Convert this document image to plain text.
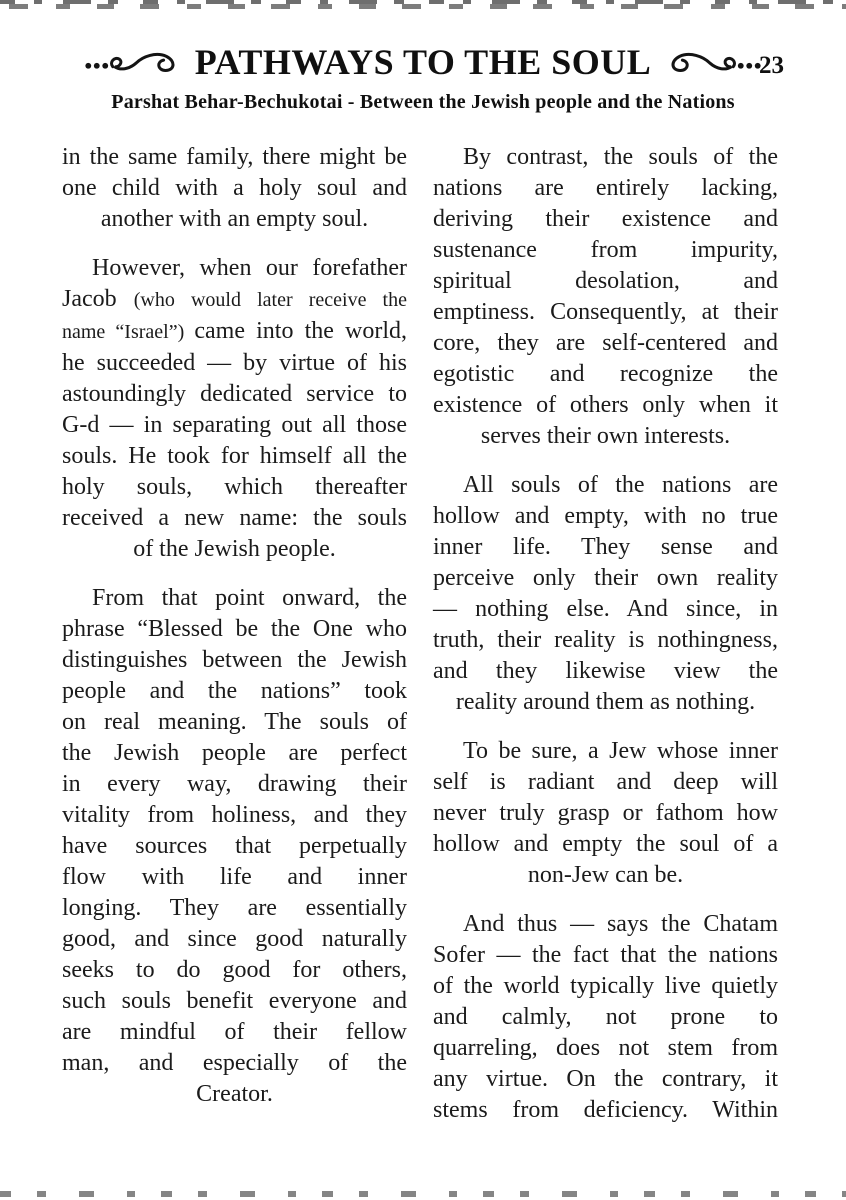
PATHWAYS TO THE SOUL	23
Parshat Behar-Bechukotai - Between the Jewish people and the Nations
in the same family, there might be
one child with a holy soul and
another with an empty soul.
However, when our forefather
Jacob (who would later receive the
name “Israel”) came into the world,
he succeeded — by virtue of his
astoundingly dedicated service to
G-d — in separating out all those
souls. He took for himself all the
holy souls, which thereafter
received a new name: the souls
of the Jewish people.
From that point onward, the
phrase “Blessed be the One who
distinguishes between the Jewish
people and the nations” took
on real meaning. The souls of
the Jewish people are perfect
in every way, drawing their
vitality from holiness, and they
have sources that perpetually
flow with life and inner
longing. They are essentially
good, and since good naturally
seeks to do good for others,
such souls benefit everyone and
are mindful of their fellow
man, and especially of the
Creator.
By contrast, the souls of the
nations are entirely lacking,
deriving their existence and
sustenance from impurity,
spiritual desolation, and
emptiness. Consequently, at their
core, they are self-centered and
egotistic and recognize the
existence of others only when it
serves their own interests.
All souls of the nations are
hollow and empty, with no true
inner life. They sense and
perceive only their own reality
— nothing else. And since, in
truth, their reality is nothingness,
and they likewise view the
reality around them as nothing.
To be sure, a Jew whose inner
self is radiant and deep will
never truly grasp or fathom how
hollow and empty the soul of a
non-Jew can be.
And thus — says the Chatam
Sofer — the fact that the nations
of the world typically live quietly
and calmly, not prone to
quarreling, does not stem from
any virtue. On the contrary, it
stems from deficiency. Within
